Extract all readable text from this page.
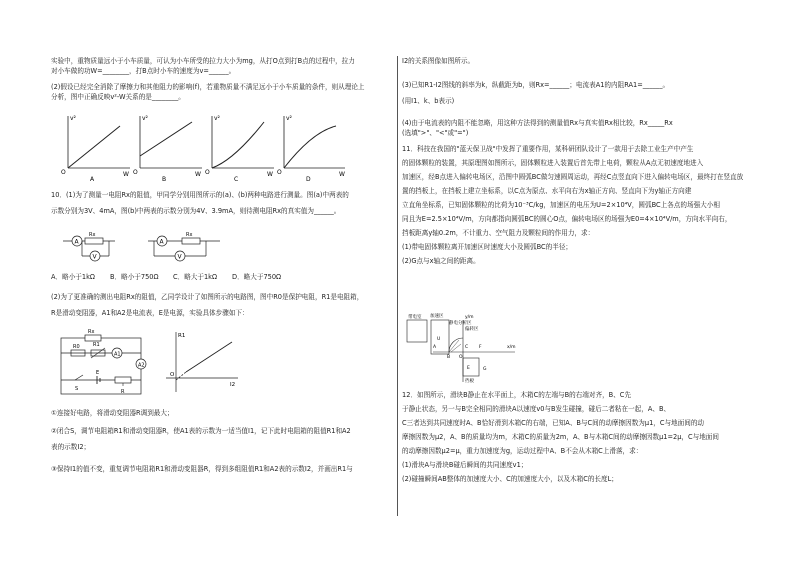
实验中，重物质量远小于小车质量，可认为小车所受的拉力大小为mg，从打O点到打B点的过程中，拉力

对小车做的功W=________，打B点时小车的速度为v=______。

(2)假设已经完全消除了摩擦力和其他阻力的影响(f)，若重物质量不满足远小于小车质量的条件，则从理论上

分析，图中正确反映v²-W关系的是________。

v²
O	W
A
v²
O	W
B
v²
O	W
C
v²
O	W
D

10．(1)为了测量一电阻Rx的阻值，甲同学分别用图所示的(a)、(b)两种电路进行测量。图(a)中两表的

示数分别为3V、4mA，图(b)中两表的示数分别为4V、3.9mA，则待测电阻Rx的真实值为______。

A
Rx
V
A
Rx
V
A．略小于1kΩ B．略小于750Ω C．略大于1kΩ D．略大于750Ω

(2)为了更准确的测出电阻Rx的阻值，乙同学设计了如图所示的电路图，图中R0是保护电阻，R1是电阻箱，

R是滑动变阻器，A1和A2是电流表，E是电源，实验具体步骤如下：

Rx
R0	R1
A1
A2
S
E
R
R1
O
I2

①连接好电路，将滑动变阻器R调到最大；

②闭合S，调节电阻箱R1和滑动变阻器R，使A1表的示数为一适当值I1，记下此时电阻箱的阻值R1和A2

表的示数I2；

③保持I1的值不变，重复调节电阻箱R1和滑动变阻器R，得到多组阻值R1和A2表的示数I2，并画出R1与

I2的关系图像如图所示。

(3)已知R1-I2图线的斜率为k，纵截距为b，则Rx=______；电流表A1的内阻RA1=______。

(用I1、k、b表示)

(4)由于电流表的内阻不能忽略，用这种方法得到的测量值Rx与真实值Rx相比较，Rx_____Rx

(选填">"、"<"或"=")

11．科技在我国的"蓝天保卫战"中发挥了重要作用，某科研团队设计了一款用于去除工业生产中产生

的固体颗粒的装置，其原理图如图所示，固体颗粒进入装置后首先带上电荷，颗粒从A点无初速度地进入

加速区，经B点进入偏转电场区，沿图中圆弧BC做匀速圆周运动，再经C点竖直向下进入偏转电场区，最终打在竖直放

置的挡板上，在挡板上建立坐标系，以C点为原点、水平向右为x轴正方向、竖直向下为y轴正方向建

立直角坐标系，已知固体颗粒的比荷为10⁻³C/kg，加速区的电压为U=2×10⁴V，圆弧BC上各点的场强大小相

同且为E=2.5×10⁴V/m，方向都指向圆弧BC的圆心O点，偏转电场区的场强为E0=4×10⁴V/m，方向水平向右，

挡板距离y轴0.2m，不计重力、空气阻力及颗粒间的作用力，求：

(1)带电固体颗粒离开加速区时速度大小及圆弧BC的半径；

(2)G点与x轴之间的距离。

带电室 加速区
静电分析区
偏转区
y/m
x/m
A
U
B O
C F
E	G
挡板

12．如图所示，滑块B静止在水平面上，木箱C的左端与B的右端对齐，B、C先

于静止状态，另一与B完全相同的滑块A以速度v0与B发生碰撞，碰后二者粘在一起，A、B、

C三者达到共同速度时A、B恰好滑到木箱C的右端，已知A、B与C间的动摩擦因数为μ1，C与地面间的动

摩擦因数为μ2，A、B的质量均为m，木箱C的质量为2m，A、B与木箱C间的动摩擦因数μ1=2μ，C与地面间

的动摩擦因数μ2=μ，重力加速度为g，运动过程中A、B不会从木箱C上滑落，求：

(1)滑块A与滑块B碰后瞬间的共同速度v1；

(2)碰撞瞬间AB整体的加速度大小、C的加速度大小，以及木箱C的长度L；
